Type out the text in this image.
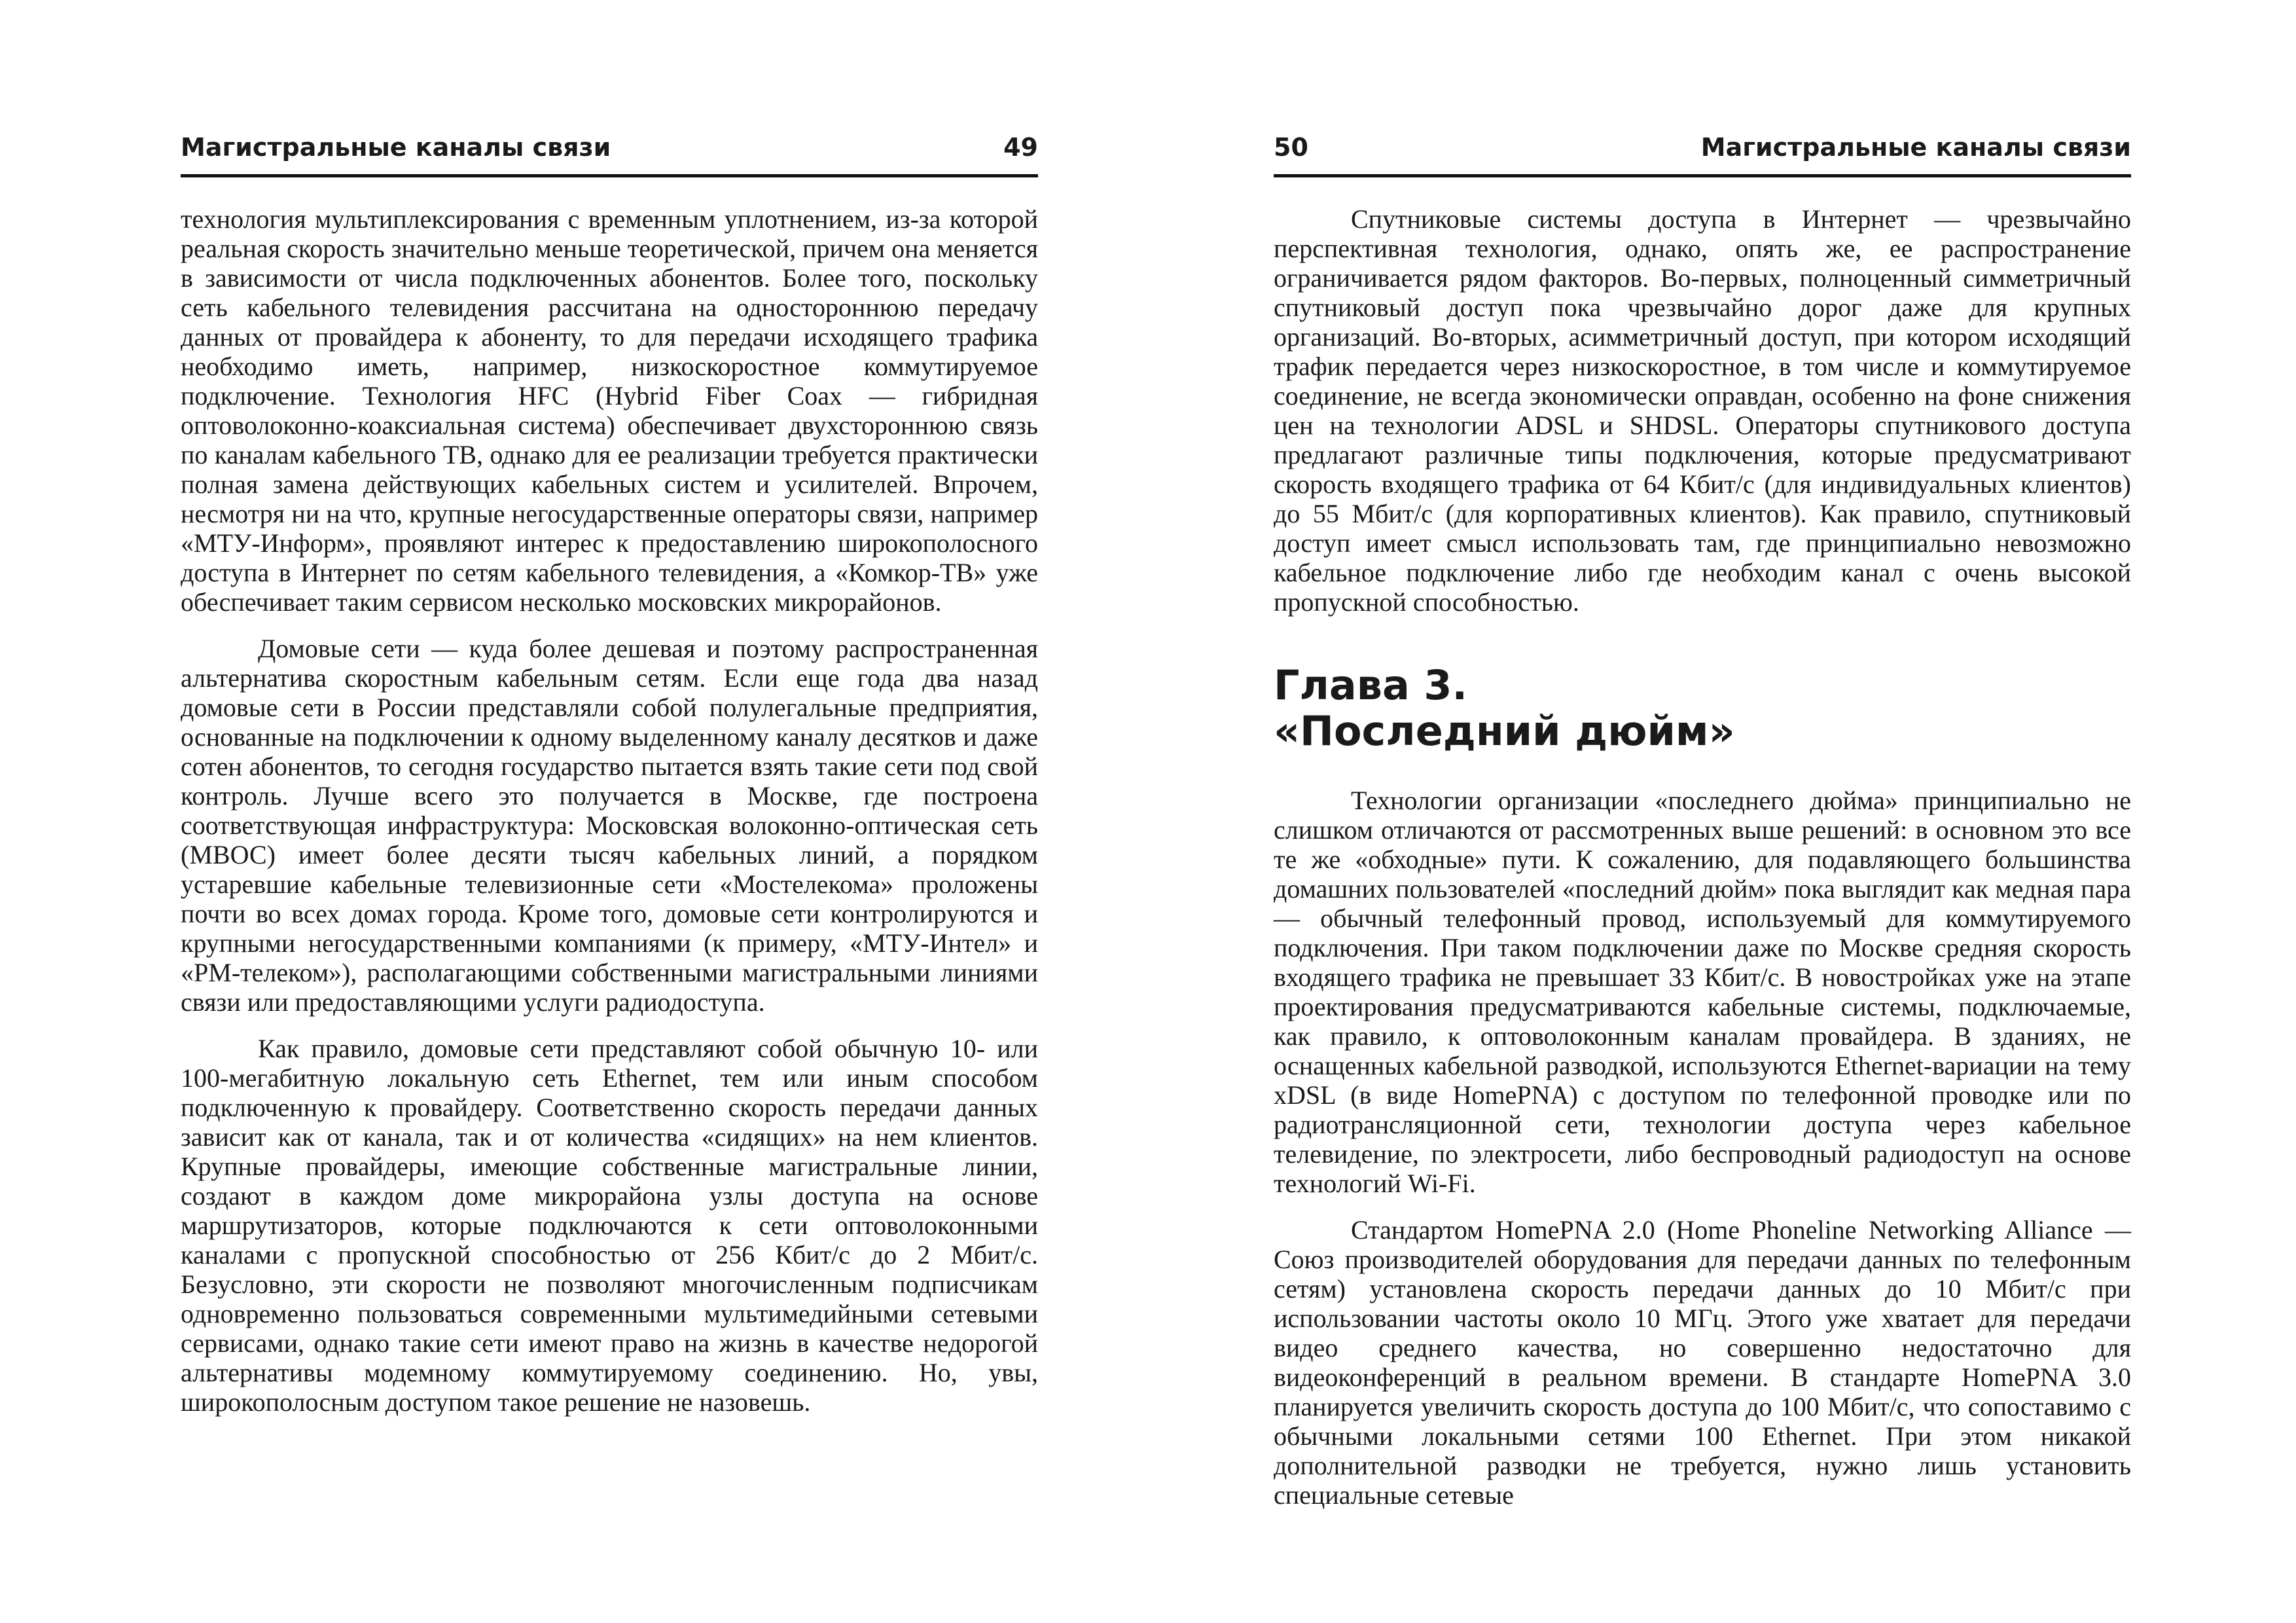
Магистральные каналы связи	49

технология мультиплексирования с временным уплотнением, из-за которой реальная скорость значительно меньше теоретической, причем она меняется в зависимости от числа подключенных абонентов. Более того, поскольку сеть кабельного телевидения рассчитана на одностороннюю передачу данных от провайдера к абоненту, то для передачи исходящего трафика необходимо иметь, например, низкоскоростное коммутируемое подключение. Технология HFC (Hybrid Fiber Coax — гибридная оптоволоконно-коаксиальная система) обеспечивает двухстороннюю связь по каналам кабельного ТВ, однако для ее реализации требуется практически полная замена действующих кабельных систем и усилителей. Впрочем, несмотря ни на что, крупные негосударственные операторы связи, например «МТУ-Информ», проявляют интерес к предоставлению широкополосного доступа в Интернет по сетям кабельного телевидения, а «Комкор-ТВ» уже обеспечивает таким сервисом несколько московских микрорайонов.

Домовые сети — куда более дешевая и поэтому распространенная альтернатива скоростным кабельным сетям. Если еще года два назад домовые сети в России представляли собой полулегальные предприятия, основанные на подключении к одному выделенному каналу десятков и даже сотен абонентов, то сегодня государство пытается взять такие сети под свой контроль. Лучше всего это получается в Москве, где построена соответствующая инфраструктура: Московская волоконно-оптическая сеть (МВОС) имеет более десяти тысяч кабельных линий, а порядком устаревшие кабельные телевизионные сети «Мостелекома» проложены почти во всех домах города. Кроме того, домовые сети контролируются и крупными негосударственными компаниями (к примеру, «МТУ-Интел» и «РМ-телеком»), располагающими собственными магистральными линиями связи или предоставляющими услуги радиодоступа.

Как правило, домовые сети представляют собой обычную 10- или 100-мегабитную локальную сеть Ethernet, тем или иным способом подключенную к провайдеру. Соответственно скорость передачи данных зависит как от канала, так и от количества «сидящих» на нем клиентов. Крупные провайдеры, имеющие собственные магистральные линии, создают в каждом доме микрорайона узлы доступа на основе маршрутизаторов, которые подключаются к сети оптоволоконными каналами с пропускной способностью от 256 Кбит/с до 2 Мбит/с. Безусловно, эти скорости не позволяют многочисленным подписчикам одновременно пользоваться современными мультимедийными сетевыми сервисами, однако такие сети имеют право на жизнь в качестве недорогой альтернативы модемному коммутируемому соединению. Но, увы, широкополосным доступом такое решение не назовешь.

50	Магистральные каналы связи

Спутниковые системы доступа в Интернет — чрезвычайно перспективная технология, однако, опять же, ее распространение ограничивается рядом факторов. Во-первых, полноценный симметричный спутниковый доступ пока чрезвычайно дорог даже для крупных организаций. Во-вторых, асимметричный доступ, при котором исходящий трафик передается через низкоскоростное, в том числе и коммутируемое соединение, не всегда экономически оправдан, особенно на фоне снижения цен на технологии ADSL и SHDSL. Операторы спутникового доступа предлагают различные типы подключения, которые предусматривают скорость входящего трафика от 64 Кбит/с (для индивидуальных клиентов) до 55 Мбит/с (для корпоративных клиентов). Как правило, спутниковый доступ имеет смысл использовать там, где принципиально невозможно кабельное подключение либо где необходим канал с очень высокой пропускной способностью.

Глава 3.
«Последний дюйм»

Технологии организации «последнего дюйма» принципиально не слишком отличаются от рассмотренных выше решений: в основном это все те же «обходные» пути. К сожалению, для подавляющего большинства домашних пользователей «последний дюйм» пока выглядит как медная пара — обычный телефонный провод, используемый для коммутируемого подключения. При таком подключении даже по Москве средняя скорость входящего трафика не превышает 33 Кбит/с. В новостройках уже на этапе проектирования предусматриваются кабельные системы, подключаемые, как правило, к оптоволоконным каналам провайдера. В зданиях, не оснащенных кабельной разводкой, используются Ethernet-вариации на тему xDSL (в виде HomePNA) с доступом по телефонной проводке или по радиотрансляционной сети, технологии доступа через кабельное телевидение, по электросети, либо беспроводный радиодоступ на основе технологий Wi-Fi.

Стандартом HomePNA 2.0 (Home Phoneline Networking Alliance — Союз производителей оборудования для передачи данных по телефонным сетям) установлена скорость передачи данных до 10 Мбит/с при использовании частоты около 10 МГц. Этого уже хватает для передачи видео среднего качества, но совершенно недостаточно для видеоконференций в реальном времени. В стандарте HomePNA 3.0 планируется увеличить скорость доступа до 100 Мбит/с, что сопоставимо с обычными локальными сетями 100 Ethernet. При этом никакой дополнительной разводки не требуется, нужно лишь установить специальные сетевые
